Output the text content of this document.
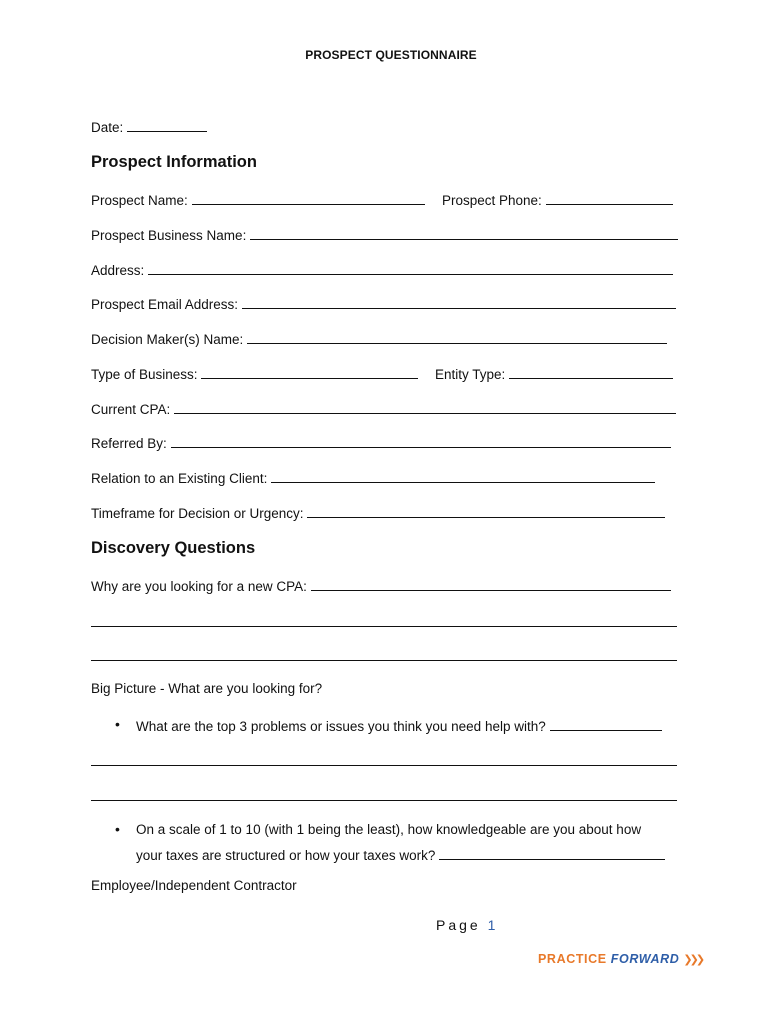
PROSPECT QUESTIONNAIRE
Date:
Prospect Information
Prospect Name:	Prospect Phone:
Prospect Business Name:
Address:
Prospect Email Address:
Decision Maker(s) Name:
Type of Business:	Entity Type:
Current CPA:
Referred By:
Relation to an Existing Client:
Timeframe for Decision or Urgency:
Discovery Questions
Why are you looking for a new CPA:
Big Picture - What are you looking for?
• What are the top 3 problems or issues you think you need help with?
• On a scale of 1 to 10 (with 1 being the least), how knowledgeable are you about how
your taxes are structured or how your taxes work?
Employee/Independent Contractor
Page 1
PRACTICE FORWARD ❯❯❯
